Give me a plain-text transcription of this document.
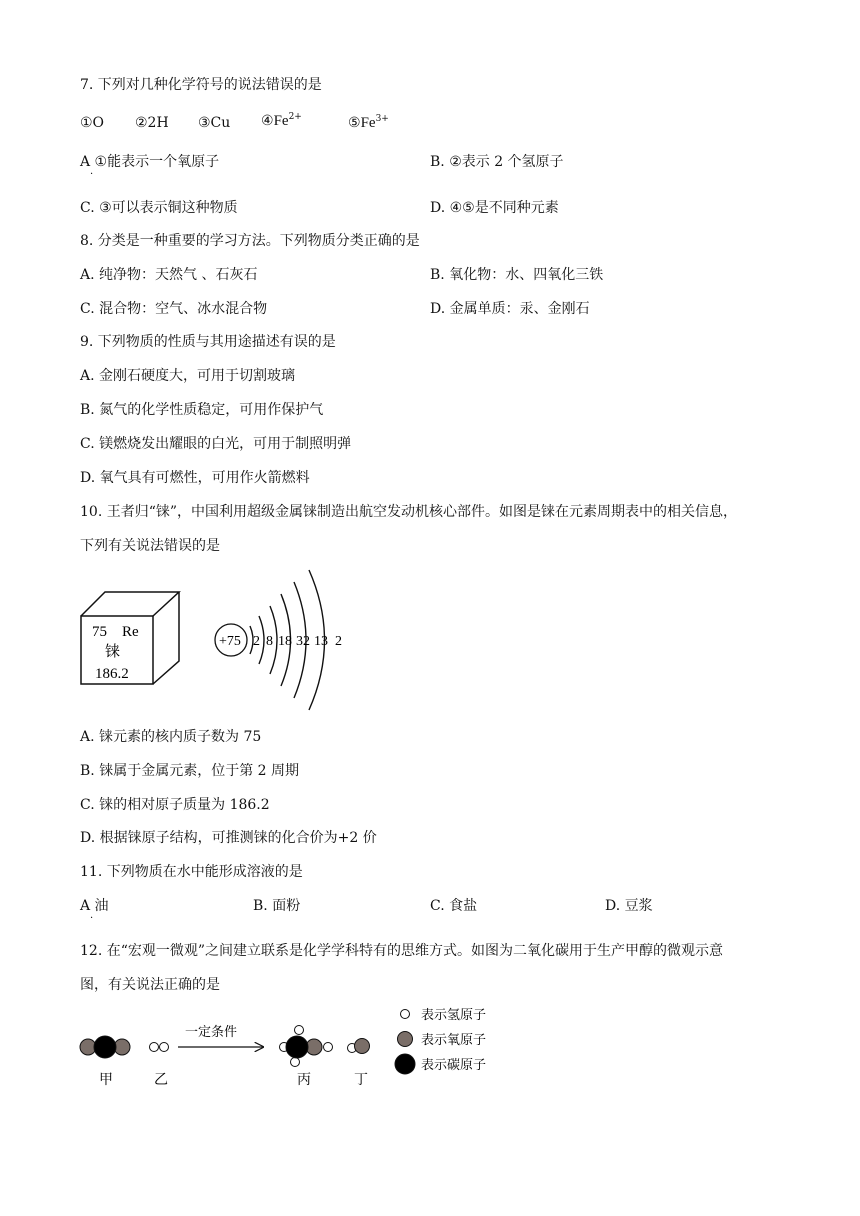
7. 下列对几种化学符号的说法错误的是
①O ②2H ③Cu $④Fe^{2+}$	$⑤Fe^{3+}$
A ①能表示一个氧原子
·
B. ②表示 2 个氢原子
C. ③可以表示铜这种物质	D. ④⑤是不同种元素
8. 分类是一种重要的学习方法。下列物质分类正确的是
A. 纯净物：天然气 、石灰石	B. 氧化物：水、四氧化三铁
C. 混合物：空气、冰水混合物	D. 金属单质：汞、金刚石
9. 下列物质的性质与其用途描述有误的是
A. 金刚石硬度大，可用于切割玻璃
B. 氮气的化学性质稳定，可用作保护气
C. 镁燃烧发出耀眼的白光，可用于制照明弹
D. 氧气具有可燃性，可用作火箭燃料
10. 王者归“铼”，中国利用超级金属铼制造出航空发动机核心部件。如图是铼在元素周期表中的相关信息，
下列有关说法错误的是
75 Re
铼
186.2
+75 2 8 18 32 13 2
A. 铼元素的核内质子数为 75
B. 铼属于金属元素，位于第 2 周期
C. 铼的相对原子质量为 186.2
D. 根据铼原子结构，可推测铼的化合价为+2 价
11. 下列物质在水中能形成溶液的是
A 油
·
B. 面粉	C. 食盐	D. 豆浆
12. 在“宏观一微观”之间建立联系是化学学科特有的思维方式。如图为二氧化碳用于生产甲醇的微观示意
图，有关说法正确的是
一定条件
甲	乙	丙	丁
表示氢原子
表示氧原子
表示碳原子
